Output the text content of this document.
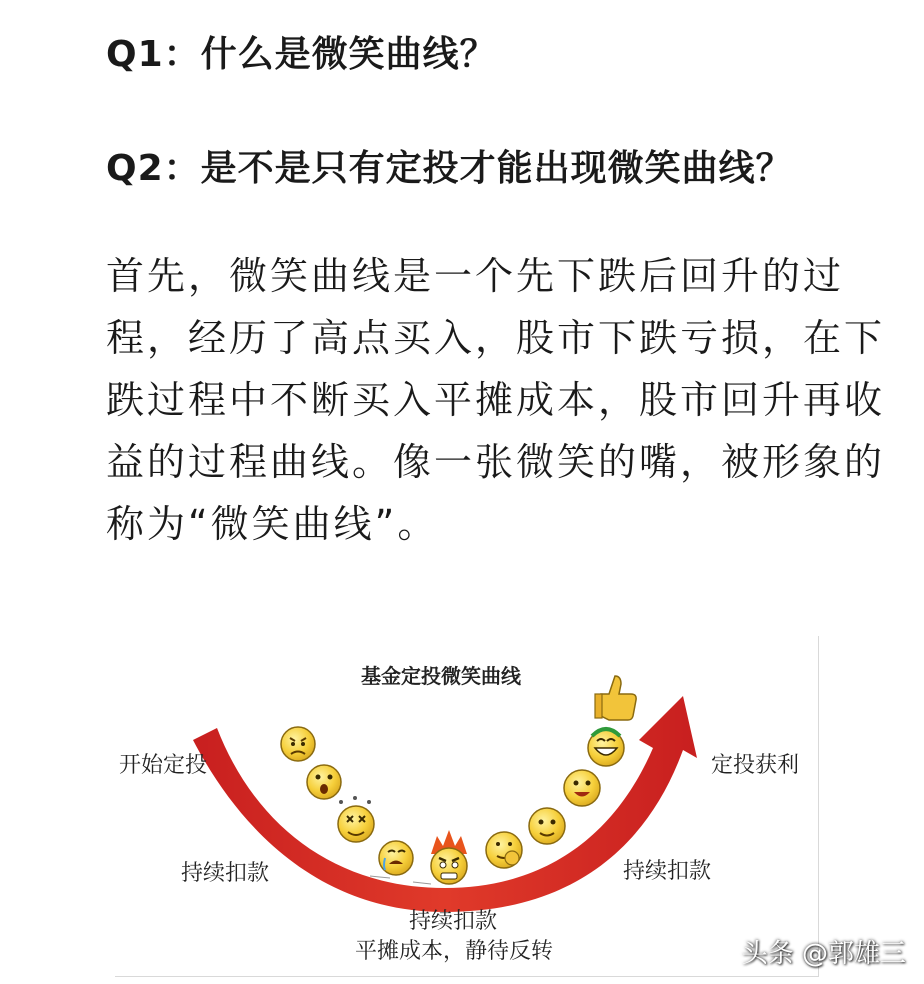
Q1：什么是微笑曲线？
Q2：是不是只有定投才能出现微笑曲线？
首先，微笑曲线是一个先下跌后回升的过
程，经历了高点买入，股市下跌亏损，在下
跌过程中不断买入平摊成本，股市回升再收
益的过程曲线。像一张微笑的嘴，被形象的
称为“微笑曲线”。
基金定投微笑曲线
开始定投	定投获利
持续扣款	持续扣款
持续扣款
平摊成本，静待反转	头条 @郭雄三
